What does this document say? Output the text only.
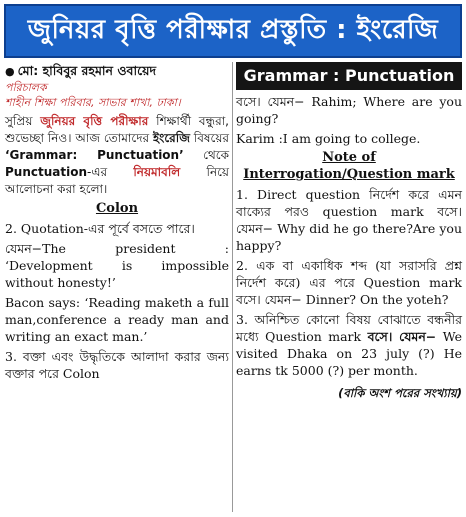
জুনিয়র বৃত্তি পরীক্ষার প্রস্তুতি : ইংরেজি
● মো: হাবিবুর রহমান ওবায়েদ
পরিচালক
শাহীন শিক্ষা পরিবার, সাভার শাখা, ঢাকা।

সুপ্রিয় জুনিয়র বৃত্তি পরীক্ষার শিক্ষার্থী বন্ধুরা, শুভেচ্ছা নিও। আজ তোমাদের ইংরেজি বিষয়ের ‘Grammar: Punctuation’ থেকে Punctuation-এর নিয়মাবলি নিয়ে আলোচনা করা হলো।

Colon

2. Quotation-এর পূর্বে বসতে পারে।

যেমন−The president : ‘Development is impossible without honesty!’

Bacon says: ‘Reading maketh a full man,conference a ready man and writing an exact man.’

3. বক্তা এবং উদ্ধৃতিকে আলাদা করার জন্য বক্তার পরে Colon

Grammar : Punctuation

বসে। যেমন− Rahim; Where are you going?

Karim :I am going to college.

Note of Interrogation/Question mark

1. Direct question নির্দেশ করে এমন বাক্যের পরও question mark বসে। যেমন− Why did he go there?Are you happy?

2. এক বা একাধিক শব্দ (যা সরাসরি প্রশ্ন নির্দেশ করে) এর পরে Question mark বসে। যেমন− Dinner? On the yoteh?

3. অনিশ্চিত কোনো বিষয় বোঝাতে বন্ধনীর মধ্যে Question mark বসে। যেমন− We visited Dhaka on 23 july (?) He earns tk 5000 (?) per month.

(বাকি অংশ পরের সংখ্যায়)
